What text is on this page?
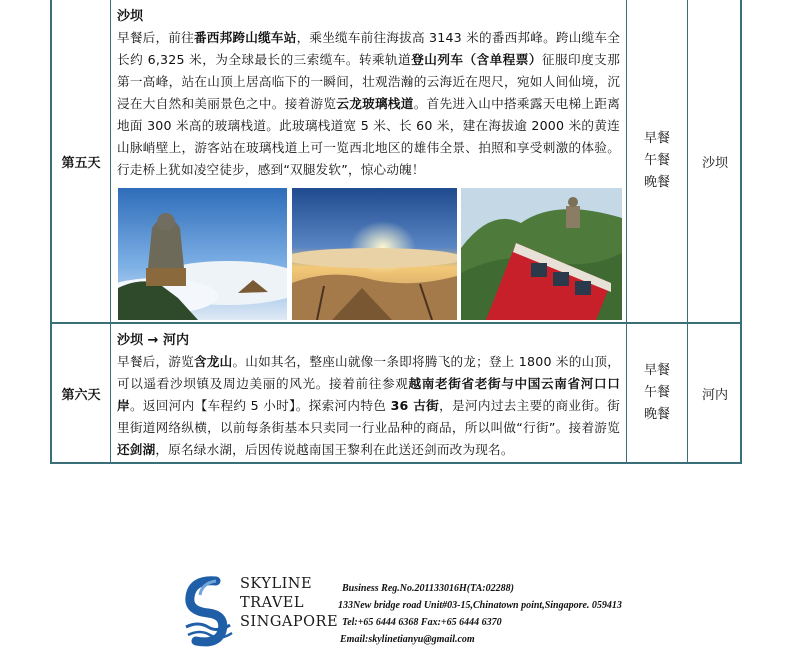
第五天
沙坝
早餐后，前往番西邦跨山缆车站，乘坐缆车前往海拔高 3143 米的番西邦峰。跨山缆车全长约 6,325 米，为全球最长的三索缆车。转乘轨道登山列车（含单程票）征服印度支那第一高峰，站在山顶上居高临下的一瞬间，壮观浩瀚的云海近在咫尺，宛如人间仙境，沉浸在大自然和美丽景色之中。接着游览云龙玻璃栈道。首先进入山中搭乘露天电梯上距离地面 300 米高的玻璃栈道。此玻璃栈道宽 5 米、长 60 米，建在海拔逾 2000 米的黄连山脉峭壁上，游客站在玻璃栈道上可一览西北地区的雄伟全景、拍照和享受刺激的体验。行走桥上犹如凌空徒步，感到“双腿发软”，惊心动魄！
早餐
午餐
晚餐
沙坝
第六天
沙坝 → 河内
早餐后，游览含龙山。山如其名，整座山就像一条即将腾飞的龙；登上 1800 米的山顶，可以遥看沙坝镇及周边美丽的风光。接着前往参观越南老街省老街与中国云南省河口口岸。返回河内【车程约 5 小时】。探索河内特色 36 古街，是河内过去主要的商业街。街里街道网络纵横，以前每条街基本只卖同一行业品种的商品，所以叫做“行街”。接着游览还剑湖，原名绿水湖，后因传说越南国王黎利在此送还剑而改为现名。
早餐
午餐
晚餐
河内
SKYLINE
TRAVEL
SINGAPORE
Business Reg.No.201133016H(TA:02288)
133New bridge road Unit#03-15,Chinatown point,Singapore. 059413
Tel:+65 6444 6368 Fax:+65 6444 6370
Email:skylinetianyu@gmail.com
